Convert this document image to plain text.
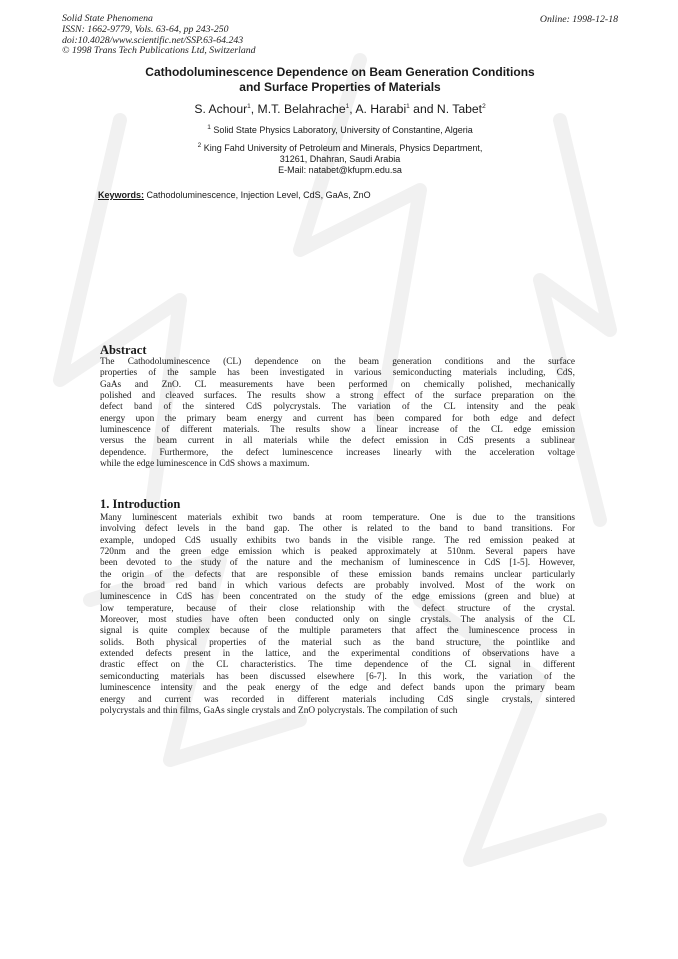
Solid State Phenomena
ISSN: 1662-9779, Vols. 63-64, pp 243-250
doi:10.4028/www.scientific.net/SSP.63-64.243
© 1998 Trans Tech Publications Ltd, Switzerland
Online: 1998-12-18
Cathodoluminescence Dependence on Beam Generation Conditions
and Surface Properties of Materials
S. Achour$^1$, M.T. Belahrache$^1$, A. Harabi$^1$ and N. Tabet$^2$
$^1$ Solid State Physics Laboratory, University of Constantine, Algeria
$^2$ King Fahd University of Petroleum and Minerals, Physics Department,
31261, Dhahran, Saudi Arabia
E-Mail: natabet@kfupm.edu.sa
Keywords: Cathodoluminescence, Injection Level, CdS, GaAs, ZnO
Abstract
The Cathodoluminescence (CL) dependence on the beam generation conditions and the surface
properties of the sample has been investigated in various semiconducting materials including, CdS,
GaAs and ZnO. CL measurements have been performed on chemically polished, mechanically
polished and cleaved surfaces. The results show a strong effect of the surface preparation on the
defect band of the sintered CdS polycrystals. The variation of the CL intensity and the peak
energy upon the primary beam energy and current has been compared for both edge and defect
luminescence of different materials. The results show a linear increase of the CL edge emission
versus the beam current in all materials while the defect emission in CdS presents a sublinear
dependence. Furthermore, the defect luminescence increases linearly with the acceleration voltage
while the edge luminescence in CdS shows a maximum.
1. Introduction
Many luminescent materials exhibit two bands at room temperature. One is due to the transitions
involving defect levels in the band gap. The other is related to the band to band transitions. For
example, undoped CdS usually exhibits two bands in the visible range. The red emission peaked at
720nm and the green edge emission which is peaked approximately at 510nm. Several papers have
been devoted to the study of the nature and the mechanism of luminescence in CdS [1-5]. However,
the origin of the defects that are responsible of these emission bands remains unclear particularly
for the broad red band in which various defects are probably involved. Most of the work on
luminescence in CdS has been concentrated on the study of the edge emissions (green and blue) at
low temperature, because of their close relationship with the defect structure of the crystal.
Moreover, most studies have often been conducted only on single crystals. The analysis of the CL
signal is quite complex because of the multiple parameters that affect the luminescence process in
solids. Both physical properties of the material such as the band structure, the pointlike and
extended defects present in the lattice, and the experimental conditions of observations have a
drastic effect on the CL characteristics. The time dependence of the CL signal in different
semiconducting materials has been discussed elsewhere [6-7]. In this work, the variation of the
luminescence intensity and the peak energy of the edge and defect bands upon the primary beam
energy and current was recorded in different materials including CdS single crystals, sintered
polycrystals and thin films, GaAs single crystals and ZnO polycrystals. The compilation of such
